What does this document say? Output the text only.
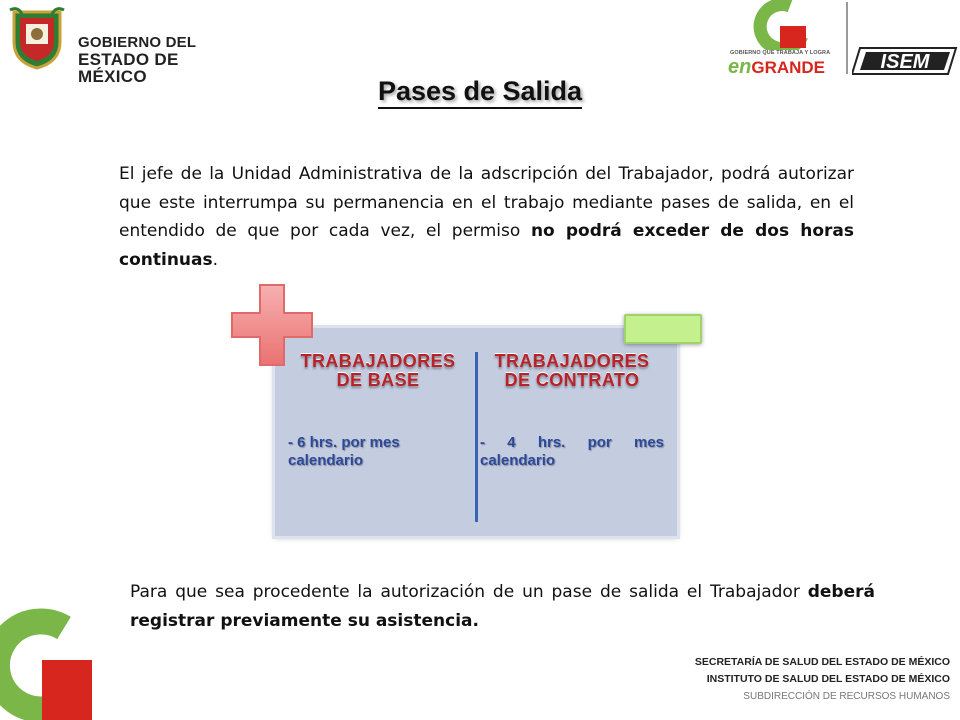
GOBIERNO DEL
ESTADO DE MÉXICO
GOBIERNO QUE TRABAJA Y LOGRA
enGRANDE	ISEM
Pases de Salida
El jefe de la Unidad Administrativa de la adscripción del Trabajador, podrá autorizar que este interrumpa su permanencia en el trabajo mediante pases de salida, en el entendido de que por cada vez, el permiso no podrá exceder de dos horas continuas.
TRABAJADORES DE BASE
TRABAJADORES DE CONTRATO
- 6 hrs. por mes calendario
- 4 hrs. por mes calendario
Para que sea procedente la autorización de un pase de salida el Trabajador deberá registrar previamente su asistencia.
SECRETARÍA DE SALUD DEL ESTADO DE MÉXICO
INSTITUTO DE SALUD DEL ESTADO DE MÉXICO
SUBDIRECCIÓN DE RECURSOS HUMANOS
